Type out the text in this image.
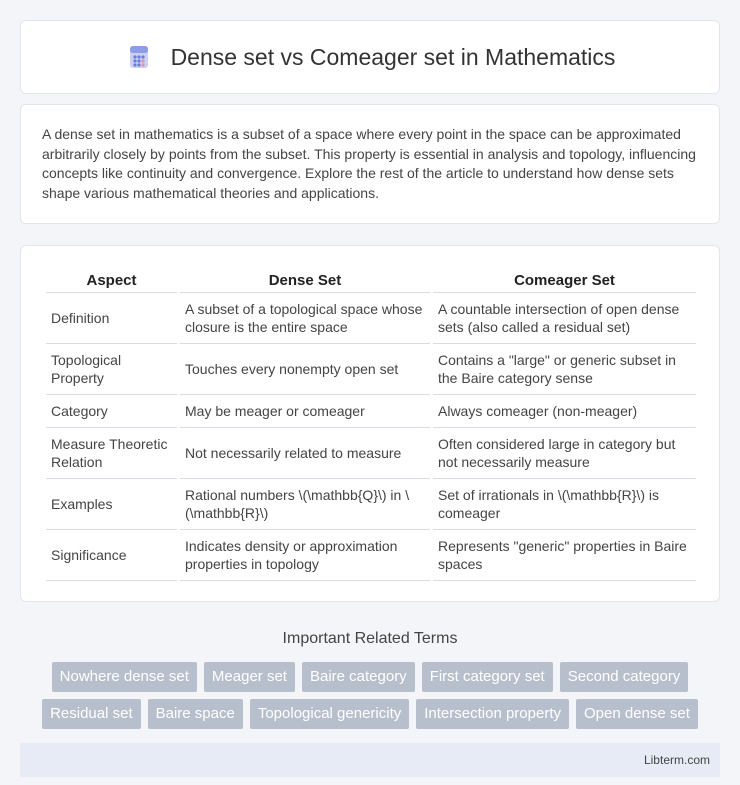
Dense set vs Comeager set in Mathematics

A dense set in mathematics is a subset of a space where every point in the space can be approximated arbitrarily closely by points from the subset. This property is essential in analysis and topology, influencing concepts like continuity and convergence. Explore the rest of the article to understand how dense sets shape various mathematical theories and applications.

Aspect	Dense Set	Comeager Set
Definition	A subset of a topological space whose closure is the entire space	A countable intersection of open dense sets (also called a residual set)
Topological Property	Touches every nonempty open set	Contains a "large" or generic subset in the Baire category sense
Category	May be meager or comeager	Always comeager (non-meager)
Measure Theoretic Relation	Not necessarily related to measure	Often considered large in category but not necessarily measure
Examples	Rational numbers \(\mathbb{Q}\) in \(\mathbb{R}\)	Set of irrationals in \(\mathbb{R}\) is comeager
Significance	Indicates density or approximation properties in topology	Represents "generic" properties in Baire spaces
Important Related Terms
Nowhere dense set	Meager set	Baire category	First category set	Second category
Residual set	Baire space	Topological genericity	Intersection property	Open dense set
Libterm.com
